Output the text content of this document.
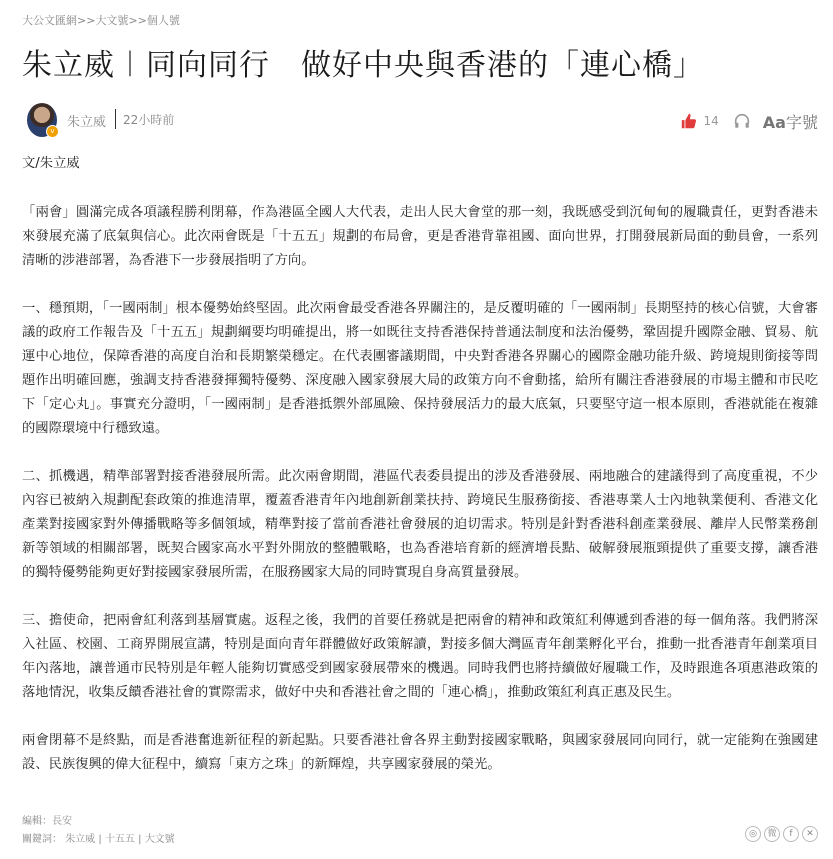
大公文匯網>>大文號>>個人號
朱立威︱同向同行　做好中央與香港的「連心橋」
v
朱立威 22小時前	14	Aa字號

文/朱立威

「兩會」圓滿完成各項議程勝利閉幕，作為港區全國人大代表，走出人民大會堂的那一刻，我既感受到沉甸甸的履職責任，更對香港未來發展充滿了底氣與信心。此次兩會既是「十五五」規劃的布局會，更是香港背靠祖國、面向世界，打開發展新局面的動員會，一系列清晰的涉港部署，為香港下一步發展指明了方向。

一、穩預期，「一國兩制」根本優勢始終堅固。此次兩會最受香港各界關注的，是反覆明確的「一國兩制」長期堅持的核心信號，大會審議的政府工作報告及「十五五」規劃綱要均明確提出，將一如既往支持香港保持普通法制度和法治優勢，鞏固提升國際金融、貿易、航運中心地位，保障香港的高度自治和長期繁榮穩定。在代表團審議期間，中央對香港各界關心的國際金融功能升級、跨境規則銜接等問題作出明確回應，強調支持香港發揮獨特優勢、深度融入國家發展大局的政策方向不會動搖，給所有關注香港發展的市場主體和市民吃下「定心丸」。事實充分證明，「一國兩制」是香港抵禦外部風險、保持發展活力的最大底氣，只要堅守這一根本原則，香港就能在複雜的國際環境中行穩致遠。

二、抓機遇，精準部署對接香港發展所需。此次兩會期間，港區代表委員提出的涉及香港發展、兩地融合的建議得到了高度重視，不少內容已被納入規劃配套政策的推進清單，覆蓋香港青年內地創新創業扶持、跨境民生服務銜接、香港專業人士內地執業便利、香港文化產業對接國家對外傳播戰略等多個領域，精準對接了當前香港社會發展的迫切需求。特別是針對香港科創產業發展、離岸人民幣業務創新等領域的相關部署，既契合國家高水平對外開放的整體戰略，也為香港培育新的經濟增長點、破解發展瓶頸提供了重要支撐，讓香港的獨特優勢能夠更好對接國家發展所需，在服務國家大局的同時實現自身高質量發展。

三、擔使命，把兩會紅利落到基層實處。返程之後，我們的首要任務就是把兩會的精神和政策紅利傳遞到香港的每一個角落。我們將深入社區、校園、工商界開展宣講，特別是面向青年群體做好政策解讀，對接多個大灣區青年創業孵化平台，推動一批香港青年創業項目年內落地，讓普通市民特別是年輕人能夠切實感受到國家發展帶來的機遇。同時我們也將持續做好履職工作，及時跟進各項惠港政策的落地情況，收集反饋香港社會的實際需求，做好中央和香港社會之間的「連心橋」，推動政策紅利真正惠及民生。

兩會閉幕不是終點，而是香港奮進新征程的新起點。只要香港社會各界主動對接國家戰略，與國家發展同向同行，就一定能夠在強國建設、民族復興的偉大征程中，續寫「東方之珠」的新輝煌，共享國家發展的榮光。

編輯：長安
關鍵詞： 朱立威 | 十五五 | 大文號	◎	微	f	✕
